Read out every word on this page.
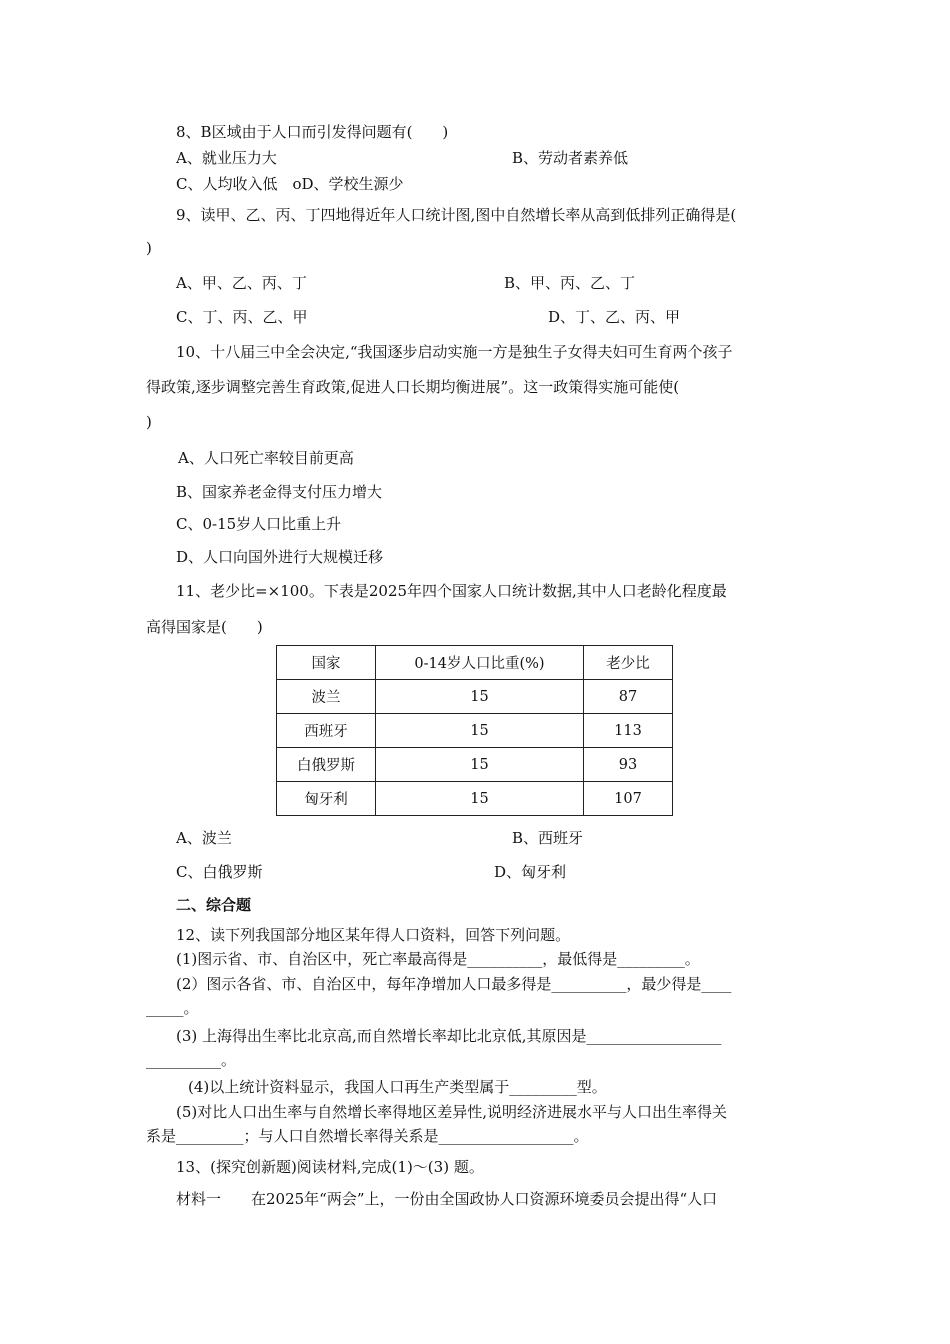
8、B区域由于人口而引发得问题有(　　)
A、就业压力大	B、劳动者素养低
C、人均收入低　oD、学校生源少
9、读甲、乙、丙、丁四地得近年人口统计图,图中自然增长率从高到低排列正确得是(
)
A、甲、乙、丙、丁	B、甲、丙、乙、丁
C、丁、丙、乙、甲	D、丁、乙、丙、甲
10、十八届三中全会决定,“我国逐步启动实施一方是独生子女得夫妇可生育两个孩子
得政策,逐步调整完善生育政策,促进人口长期均衡进展”。这一政策得实施可能使(
)
A、人口死亡率较目前更高
B、国家养老金得支付压力增大
C、0-15岁人口比重上升
D、人口向国外进行大规模迁移
11、老少比=×100。下表是2025年四个国家人口统计数据,其中人口老龄化程度最
高得国家是(　　)
国家	0-14岁人口比重(%)	老少比
波兰	15	87
西班牙	15	113
白俄罗斯	15	93
匈牙利	15	107
A、波兰	B、西班牙
C、白俄罗斯	D、匈牙利
二、综合题
12、读下列我国部分地区某年得人口资料，回答下列问题。
(1)图示省、市、自治区中，死亡率最高得是__________，最低得是_________。
(2）图示各省、市、自治区中，每年净增加人口最多得是__________，最少得是____
_____。
(3) 上海得出生率比北京高,而自然增长率却比北京低,其原因是__________________
__________。
(4)以上统计资料显示，我国人口再生产类型属于_________型。
(5)对比人口出生率与自然增长率得地区差异性,说明经济进展水平与人口出生率得关
系是_________；与人口自然增长率得关系是__________________。
13、(探究创新题)阅读材料,完成(1)～(3) 题。
材料一　　在2025年“两会”上，一份由全国政协人口资源环境委员会提出得“人口
